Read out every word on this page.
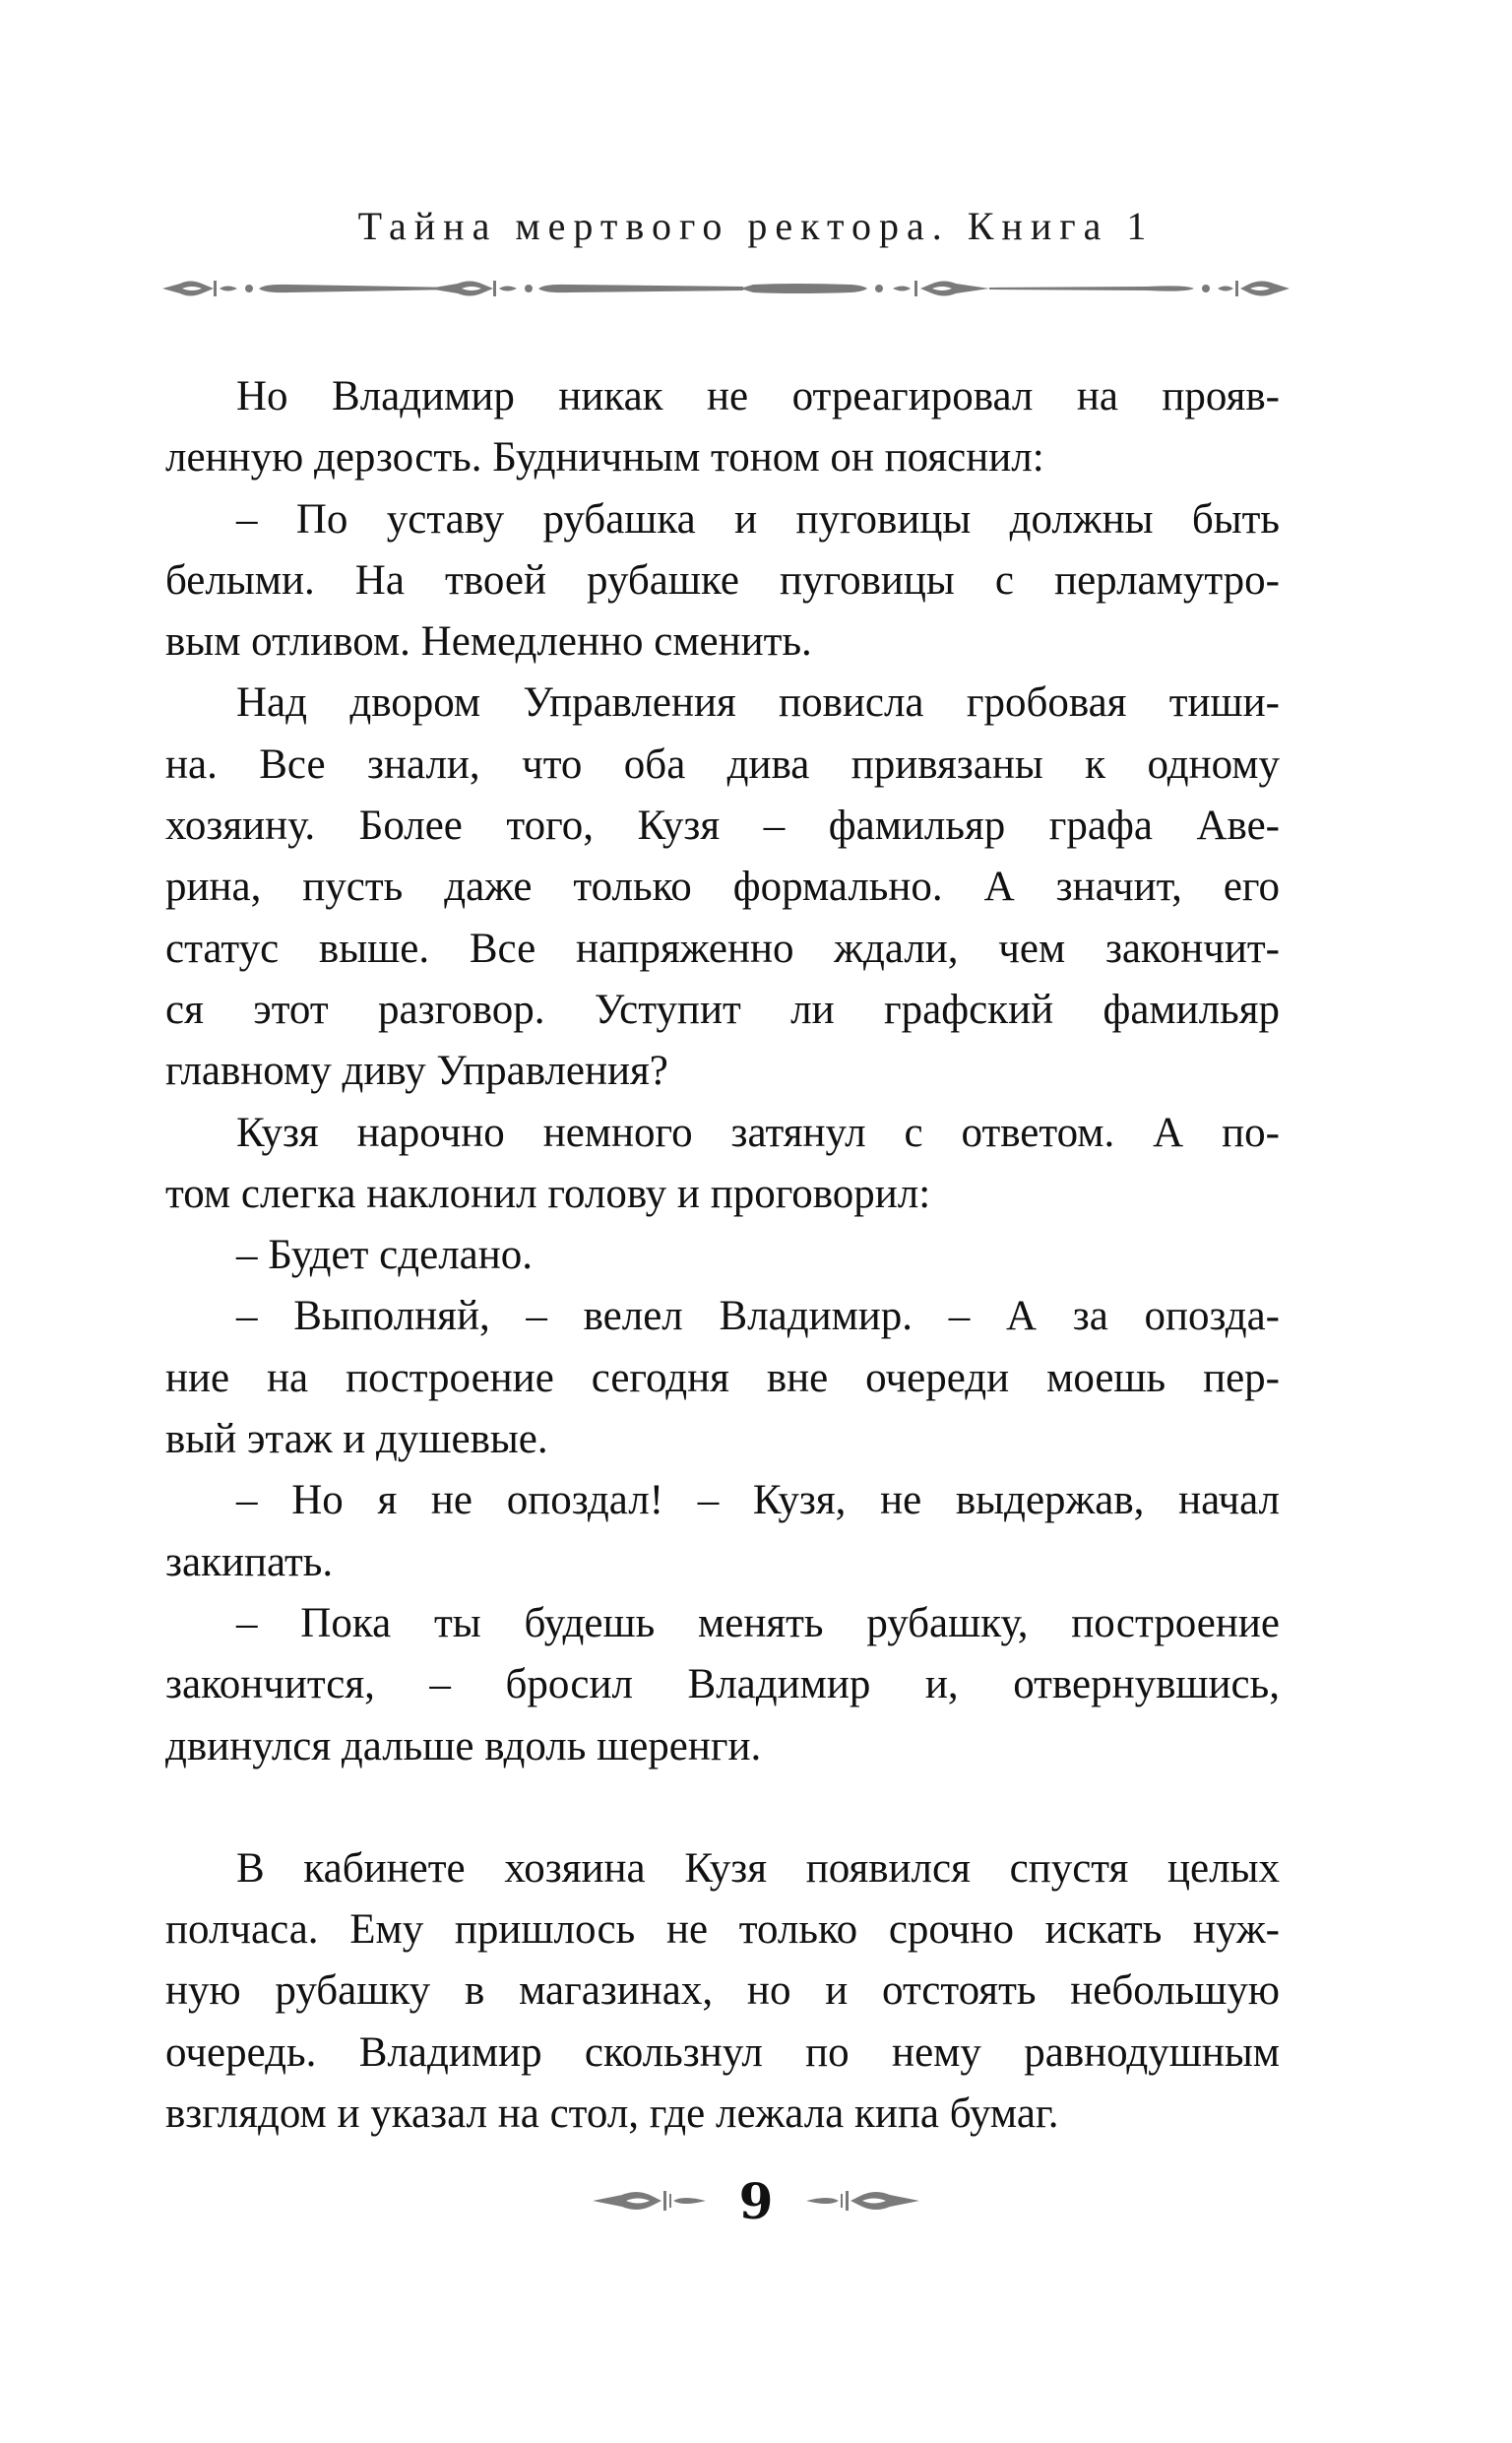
Тайна мертвого ректора. Книга 1
Но Владимир никак не отреагировал на прояв-
ленную дерзость. Будничным тоном он пояснил:
– По уставу рубашка и пуговицы должны быть
белыми. На твоей рубашке пуговицы с перламутро-
вым отливом. Немедленно сменить.
Над двором Управления повисла гробовая тиши-
на. Все знали, что оба дива привязаны к одному
хозяину. Более того, Кузя – фамильяр графа Аве-
рина, пусть даже только формально. А значит, его
статус выше. Все напряженно ждали, чем закончит-
ся этот разговор. Уступит ли графский фамильяр
главному диву Управления?
Кузя нарочно немного затянул с ответом. А по-
том слегка наклонил голову и проговорил:
– Будет сделано.
– Выполняй, – велел Владимир. – А за опозда-
ние на построение сегодня вне очереди моешь пер-
вый этаж и душевые.
– Но я не опоздал! – Кузя, не выдержав, начал
закипать.
– Пока ты будешь менять рубашку, построение
закончится, – бросил Владимир и, отвернувшись,
двинулся дальше вдоль шеренги.
В кабинете хозяина Кузя появился спустя целых
полчаса. Ему пришлось не только срочно искать нуж-
ную рубашку в магазинах, но и отстоять небольшую
очередь. Владимир скользнул по нему равнодушным
взглядом и указал на стол, где лежала кипа бумаг.
9
